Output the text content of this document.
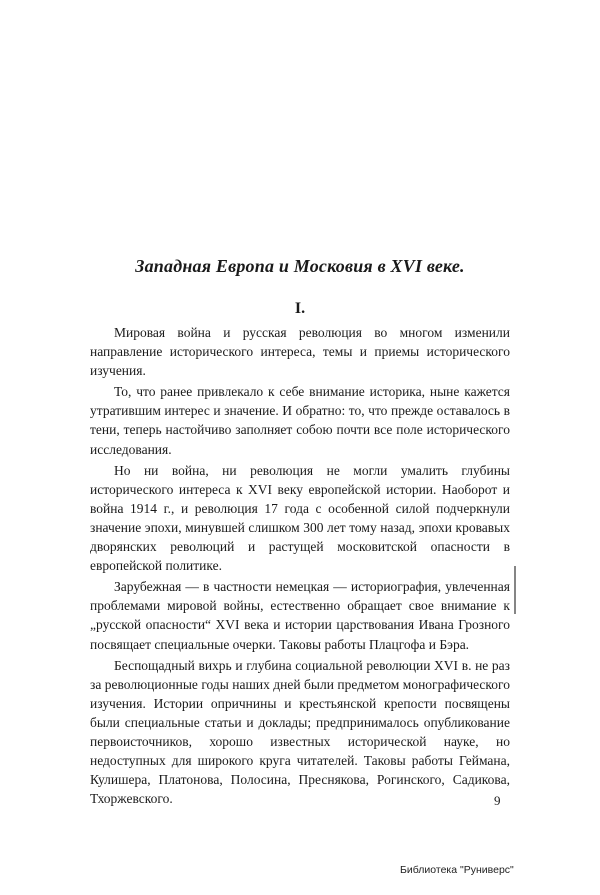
Западная Европа и Московия в XVI веке.
I.

Мировая война и русская революция во многом изменили направление исторического интереса, темы и приемы исторического изучения.

То, что ранее привлекало к себе внимание историка, ныне кажется утратившим интерес и значение. И обратно: то, что прежде оставалось в тени, теперь настойчиво заполняет собою почти все поле исторического исследования.

Но ни война, ни революция не могли умалить глубины исторического интереса к XVI веку европейской истории. Наоборот и война 1914 г., и революция 17 года с особенной силой подчеркнули значение эпохи, минувшей слишком 300 лет тому назад, эпохи кровавых дворянских революций и растущей московитской опасности в европейской политике.

Зарубежная — в частности немецкая — историография, увлеченная проблемами мировой войны, естественно обращает свое внимание к „русской опасности“ XVI века и истории царствования Ивана Грозного посвящает специальные очерки. Таковы работы Плацгофа и Бэра.

Беспощадный вихрь и глубина социальной революции XVI в. не раз за революционные годы наших дней были предметом монографического изучения. Истории опричнины и крестьянской крепости посвящены были специальные статьи и доклады; предпринималось опубликование первоисточников, хорошо известных исторической науке, но недоступных для широкого круга читателей. Таковы работы Геймана, Кулишера, Платонова, Полосина, Преснякова, Рогинского, Садикова, Тхоржевского.	9
Библиотека "Руниверс"
